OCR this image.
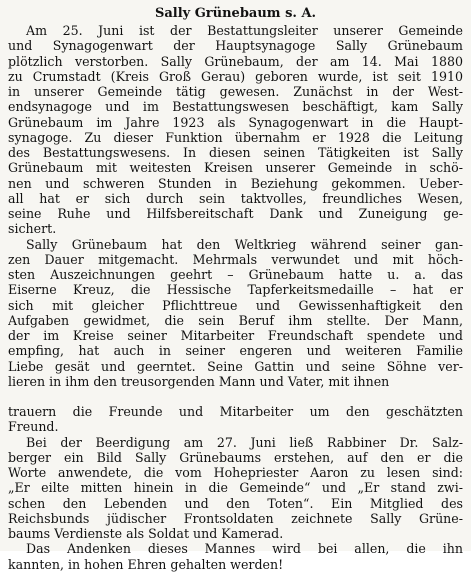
Sally Grünebaum s. A.
Am 25. Juni ist der Bestattungsleiter unserer Gemeinde
und Synagogenwart der Hauptsynagoge Sally Grünebaum
plötzlich verstorben. Sally Grünebaum, der am 14. Mai 1880
zu Crumstadt (Kreis Groß Gerau) geboren wurde, ist seit 1910
in unserer Gemeinde tätig gewesen. Zunächst in der West-
endsynagoge und im Bestattungswesen beschäftigt, kam Sally
Grünebaum im Jahre 1923 als Synagogenwart in die Haupt-
synagoge. Zu dieser Funktion übernahm er 1928 die Leitung
des Bestattungswesens. In diesen seinen Tätigkeiten ist Sally
Grünebaum mit weitesten Kreisen unserer Gemeinde in schö-
nen und schweren Stunden in Beziehung gekommen. Ueber-
all hat er sich durch sein taktvolles, freundliches Wesen,
seine Ruhe und Hilfsbereitschaft Dank und Zuneigung ge-
sichert.
Sally Grünebaum hat den Weltkrieg während seiner gan-
zen Dauer mitgemacht. Mehrmals verwundet und mit höch-
sten Auszeichnungen geehrt – Grünebaum hatte u. a. das
Eiserne Kreuz, die Hessische Tapferkeitsmedaille – hat er
sich mit gleicher Pflichttreue und Gewissenhaftigkeit den
Aufgaben gewidmet, die sein Beruf ihm stellte. Der Mann,
der im Kreise seiner Mitarbeiter Freundschaft spendete und
empfing, hat auch in seiner engeren und weiteren Familie
Liebe gesät und geerntet. Seine Gattin und seine Söhne ver-
lieren in ihm den treusorgenden Mann und Vater, mit ihnen
trauern die Freunde und Mitarbeiter um den geschätzten
Freund.
Bei der Beerdigung am 27. Juni ließ Rabbiner Dr. Salz-
berger ein Bild Sally Grünebaums erstehen, auf den er die
Worte anwendete, die vom Hohepriester Aaron zu lesen sind:
„Er eilte mitten hinein in die Gemeinde“ und „Er stand zwi-
schen den Lebenden und den Toten“. Ein Mitglied des
Reichsbunds jüdischer Frontsoldaten zeichnete Sally Grüne-
baums Verdienste als Soldat und Kamerad.
Das Andenken dieses Mannes wird bei allen, die ihn
kannten, in hohen Ehren gehalten werden!
